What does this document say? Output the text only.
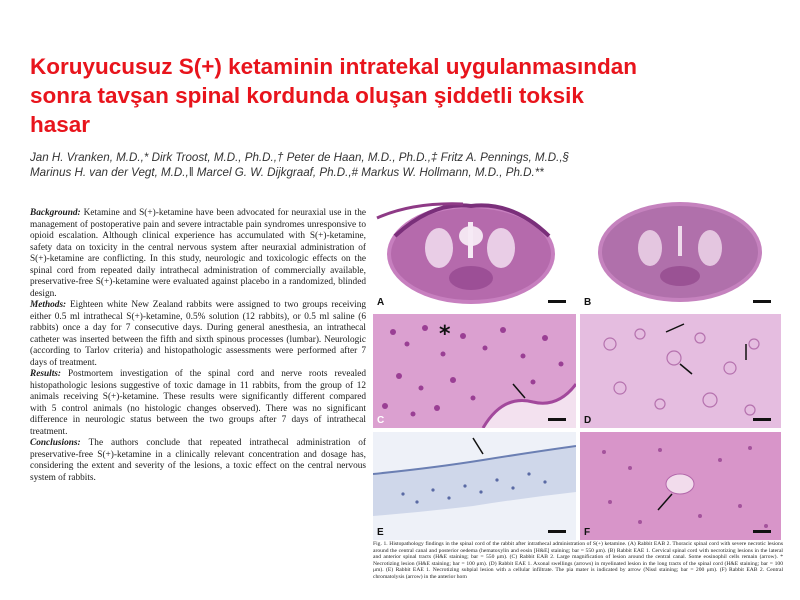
Koruyucusuz S(+) ketaminin intratekal uygulanmasından
sonra tavşan spinal kordunda oluşan şiddetli toksik
hasar
Jan H. Vranken, M.D.,* Dirk Troost, M.D., Ph.D.,† Peter de Haan, M.D., Ph.D.,‡ Fritz A. Pennings, M.D.,§
Marinus H. van der Vegt, M.D.,‖ Marcel G. W. Dijkgraaf, Ph.D.,# Markus W. Hollmann, M.D., Ph.D.**

Background: Ketamine and S(+)-ketamine have been advocated for neuraxial use in the management of postoperative pain and severe intractable pain syndromes unresponsive to opioid escalation. Although clinical experience has accumulated with S(+)-ketamine, safety data on toxicity in the central nervous system after neuraxial administration of S(+)-ketamine are conflicting. In this study, neurologic and toxicologic effects on the spinal cord from repeated daily intrathecal administration of commercially available, preservative-free S(+)-ketamine were evaluated against placebo in a randomized, blinded design.

Methods: Eighteen white New Zealand rabbits were assigned to two groups receiving either 0.5 ml intrathecal S(+)-ketamine, 0.5% solution (12 rabbits), or 0.5 ml saline (6 rabbits) once a day for 7 consecutive days. During general anesthesia, an intrathecal catheter was inserted between the fifth and sixth spinous processes (lumbar). Neurologic (according to Tarlov criteria) and histopathologic assessments were performed after 7 days of treatment.

Results: Postmortem investigation of the spinal cord and nerve roots revealed histopathologic lesions suggestive of toxic damage in 11 rabbits, from the group of 12 animals receiving S(+)-ketamine. These results were significantly different compared with 5 control animals (no histologic changes observed). There was no significant difference in neurologic status between the two groups after 7 days of intrathecal treatment.

Conclusions: The authors conclude that repeated intrathecal administration of preservative-free S(+)-ketamine in a clinically relevant concentration and dosage has, considering the extent and severity of the lesions, a toxic effect on the central nervous system of rabbits.

A	B
*
C	D
E	F
Fig. 1. Histopathology findings in the spinal cord of the rabbit after intrathecal administration of S(+) ketamine. (A) Rabbit EAB 2. Thoracic spinal cord with severe necrotic lesions around the central canal and posterior oedema (hematoxylin and eosin [H&E] staining; bar = 550 μm). (B) Rabbit EAE 1. Cervical spinal cord with necrotizing lesions in the lateral and anterior spinal tracts (H&E staining; bar = 550 μm). (C) Rabbit EAB 2. Large magnification of lesion around the central canal. Some eosinophil cells remain (arrow). * Necrotizing lesion (H&E staining; bar = 100 μm). (D) Rabbit EAE 1. Axonal swellings (arrows) in myelinated lesion in the long tracts of the spinal cord (H&E staining; bar = 100 μm). (E) Rabbit EAE 1. Necrotizing subpial lesion with a cellular infiltrate. The pia mater is indicated by arrow (Nissl staining; bar = 200 μm). (F) Rabbit EAB 2. Central chromatolysis (arrow) in the anterior horn
